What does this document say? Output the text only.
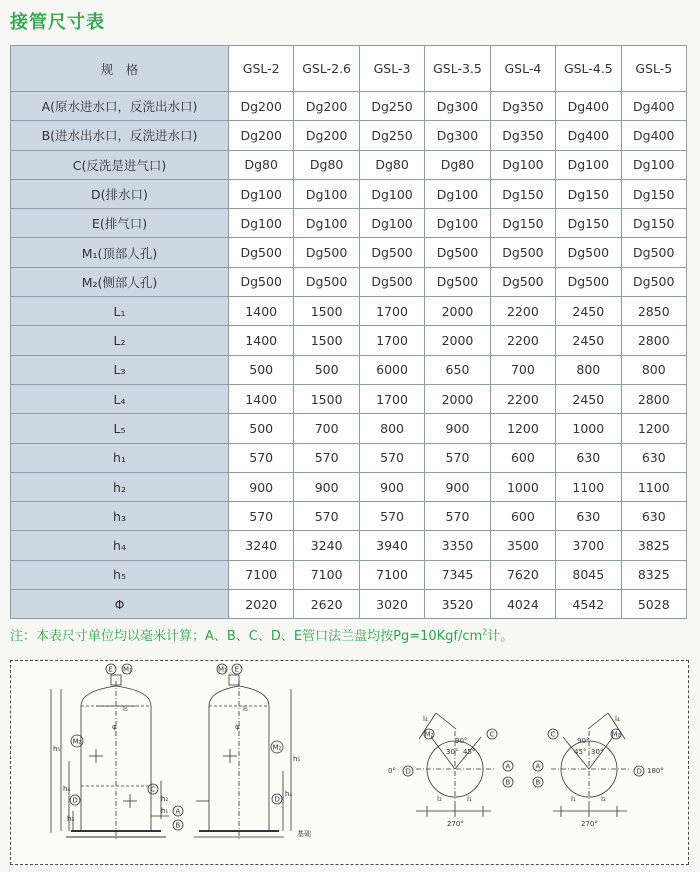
接管尺寸表
规　格	GSL-2	GSL-2.6	GSL-3	GSL-3.5	GSL-4	GSL-4.5	GSL-5
A(原水进水口，反洗出水口)	Dg200	Dg200	Dg250	Dg300	Dg350	Dg400	Dg400
B(进水出水口，反洗进水口)	Dg200	Dg200	Dg250	Dg300	Dg350	Dg400	Dg400
C(反洗是进气口)	Dg80	Dg80	Dg80	Dg80	Dg100	Dg100	Dg100
D(排水口)	Dg100	Dg100	Dg100	Dg100	Dg150	Dg150	Dg150
E(排气口)	Dg100	Dg100	Dg100	Dg100	Dg150	Dg150	Dg150
M₁(顶部人孔)	Dg500	Dg500	Dg500	Dg500	Dg500	Dg500	Dg500
M₂(侧部人孔)	Dg500	Dg500	Dg500	Dg500	Dg500	Dg500	Dg500
L₁	1400	1500	1700	2000	2200	2450	2850
L₂	1400	1500	1700	2000	2200	2450	2800
L₃	500	500	6000	650	700	800	800
L₄	1400	1500	1700	2000	2200	2450	2800
L₅	500	700	800	900	1200	1000	1200
h₁	570	570	570	570	600	630	630
h₂	900	900	900	900	1000	1100	1100
h₃	570	570	570	570	600	630	630
h₄	3240	3240	3940	3350	3500	3700	3825
h₅	7100	7100	7100	7345	7620	8045	8325
Φ	2020	2620	3020	3520	4024	4542	5028
注：本表尺寸单位均以毫米计算；A、B、C、D、E管口法兰盘均按$Pg=10Kgf/cm^2$计。
E M₁
M₂
D
C
l₅
φ
h₅
h₄
h₃
h₂
h₁ A
B
M₁ E
M₂
D
l₅
φ
h₅
h₄
基础
M₂	C
D
A
B
0°
90°
30° 45°
l₄
l₂	l₁
270°
C	M₂
A
B
D 180°
90°
45° 30°
l₄
l₁	l₂
270°
